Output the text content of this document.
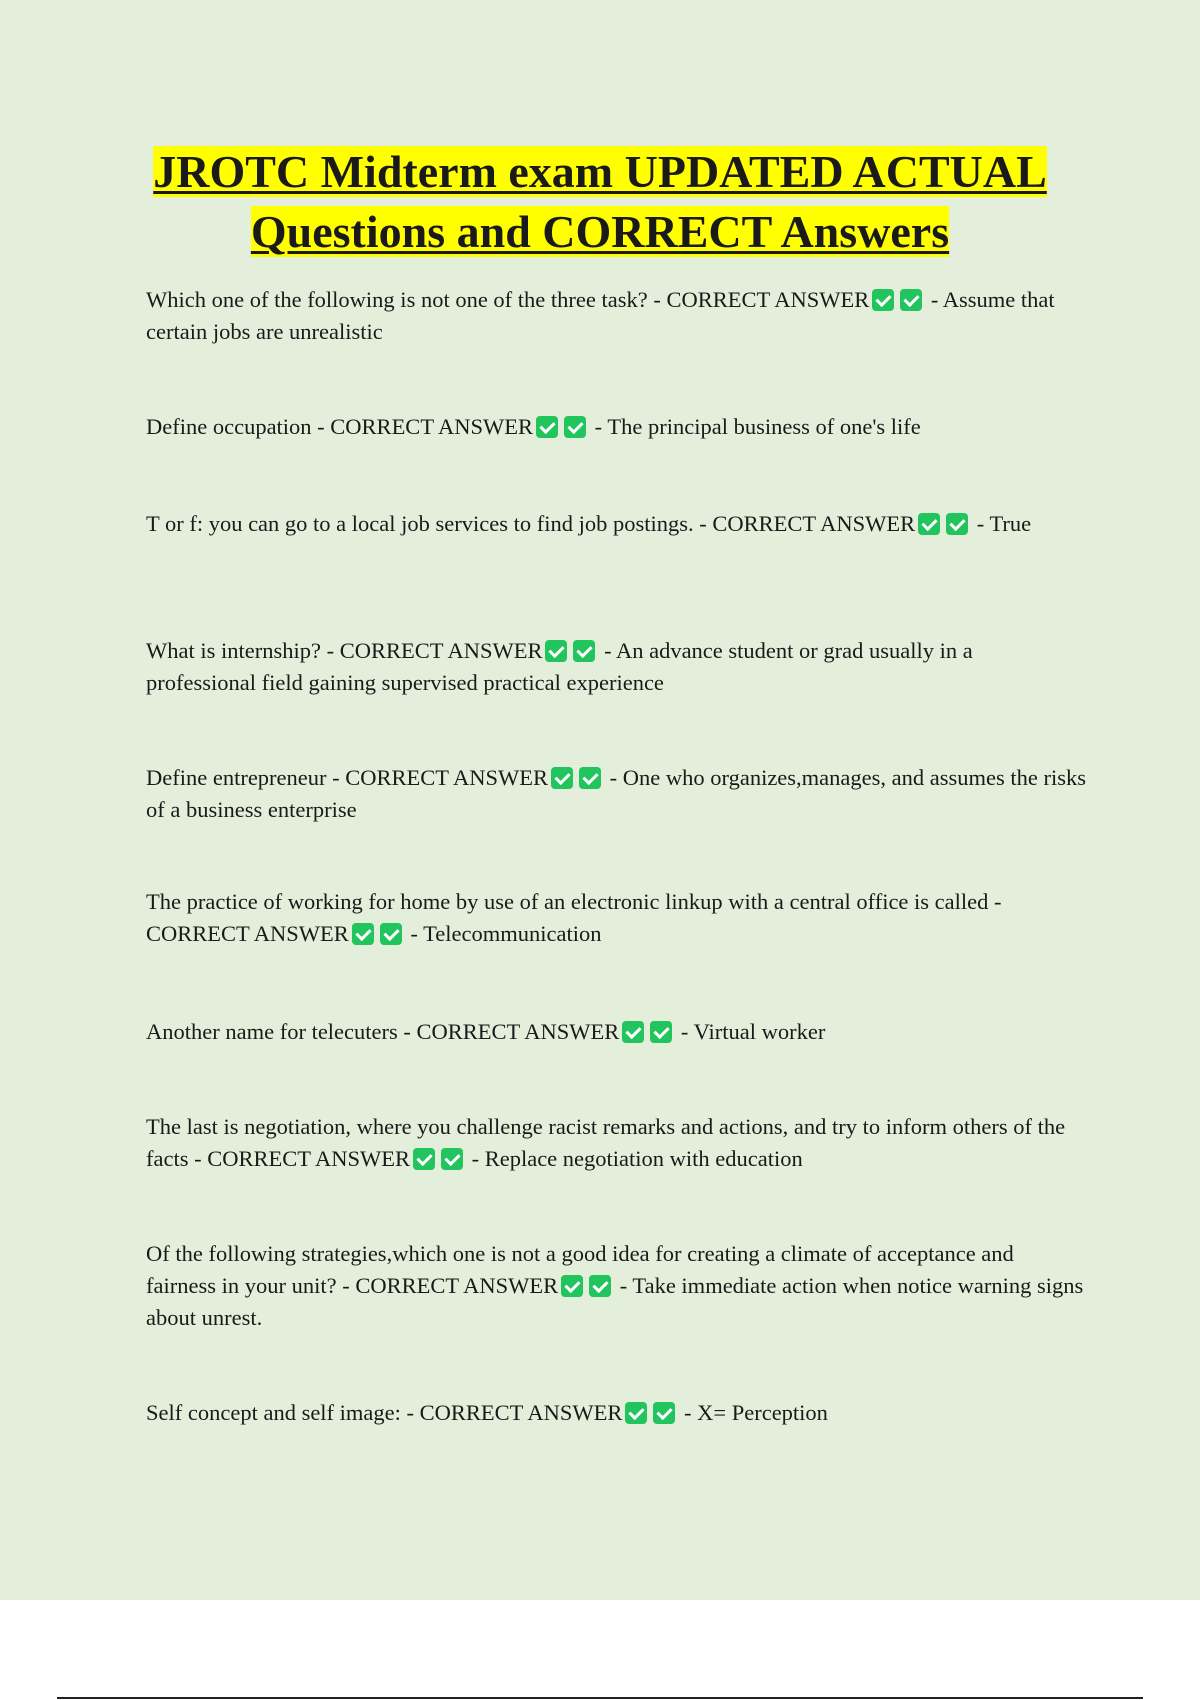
JROTC Midterm exam UPDATED ACTUAL
Questions and CORRECT Answers

Which one of the following is not one of the three task? - CORRECT ANSWER - Assume that certain jobs are unrealistic

Define occupation - CORRECT ANSWER - The principal business of one's life

T or f: you can go to a local job services to find job postings. - CORRECT ANSWER - True

What is internship? - CORRECT ANSWER - An advance student or grad usually in a professional field gaining supervised practical experience

Define entrepreneur - CORRECT ANSWER - One who organizes,manages, and assumes the risks of a business enterprise

The practice of working for home by use of an electronic linkup with a central office is called - CORRECT ANSWER - Telecommunication

Another name for telecuters - CORRECT ANSWER - Virtual worker

The last is negotiation, where you challenge racist remarks and actions, and try to inform others of the facts - CORRECT ANSWER - Replace negotiation with education

Of the following strategies,which one is not a good idea for creating a climate of acceptance and fairness in your unit? - CORRECT ANSWER - Take immediate action when notice warning signs about unrest.

Self concept and self image: - CORRECT ANSWER - X= Perception
